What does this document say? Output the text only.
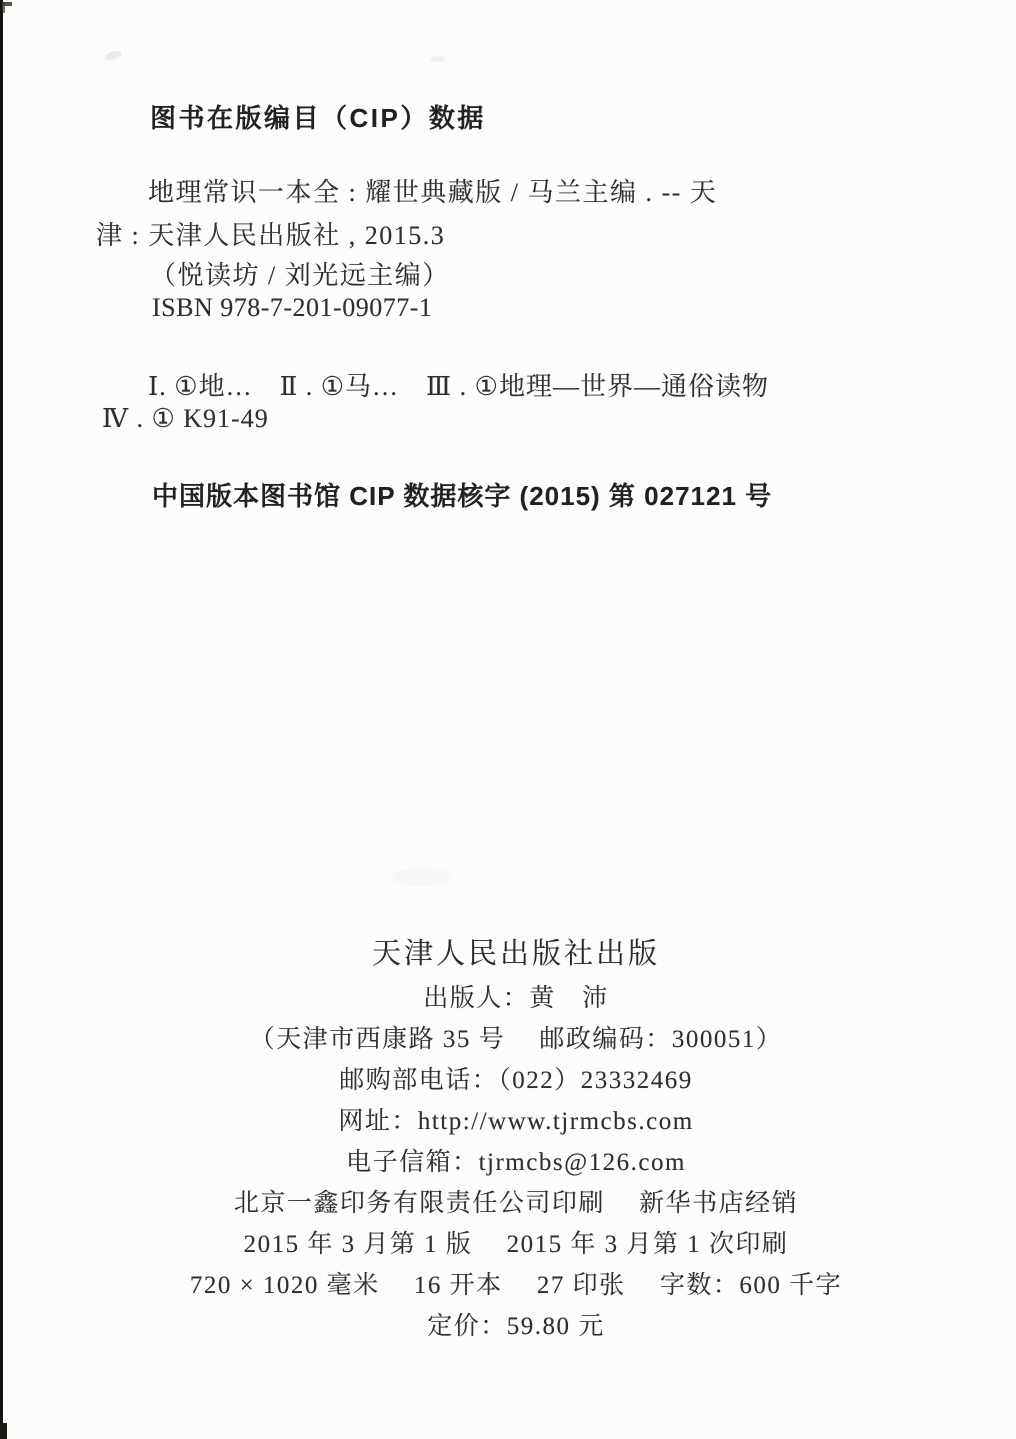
图书在版编目（CIP）数据
地理常识一本全 : 耀世典藏版 / 马兰主编 . -- 天
津 : 天津人民出版社 , 2015.3
（悦读坊 / 刘光远主编）
ISBN 978-7-201-09077-1
Ⅰ. ①地…　Ⅱ . ①马…　Ⅲ . ①地理—世界—通俗读物
Ⅳ . ① K91-49
中国版本图书馆 CIP 数据核字 (2015) 第 027121 号
天津人民出版社出版
出版人：黄　沛
（天津市西康路 35 号　 邮政编码：300051）
邮购部电话：（022）23332469
网址：http://www.tjrmcbs.com
电子信箱：tjrmcbs@126.com
北京一鑫印务有限责任公司印刷　 新华书店经销
2015 年 3 月第 1 版　 2015 年 3 月第 1 次印刷
720 × 1020 毫米　 16 开本　 27 印张　 字数：600 千字
定价：59.80 元
